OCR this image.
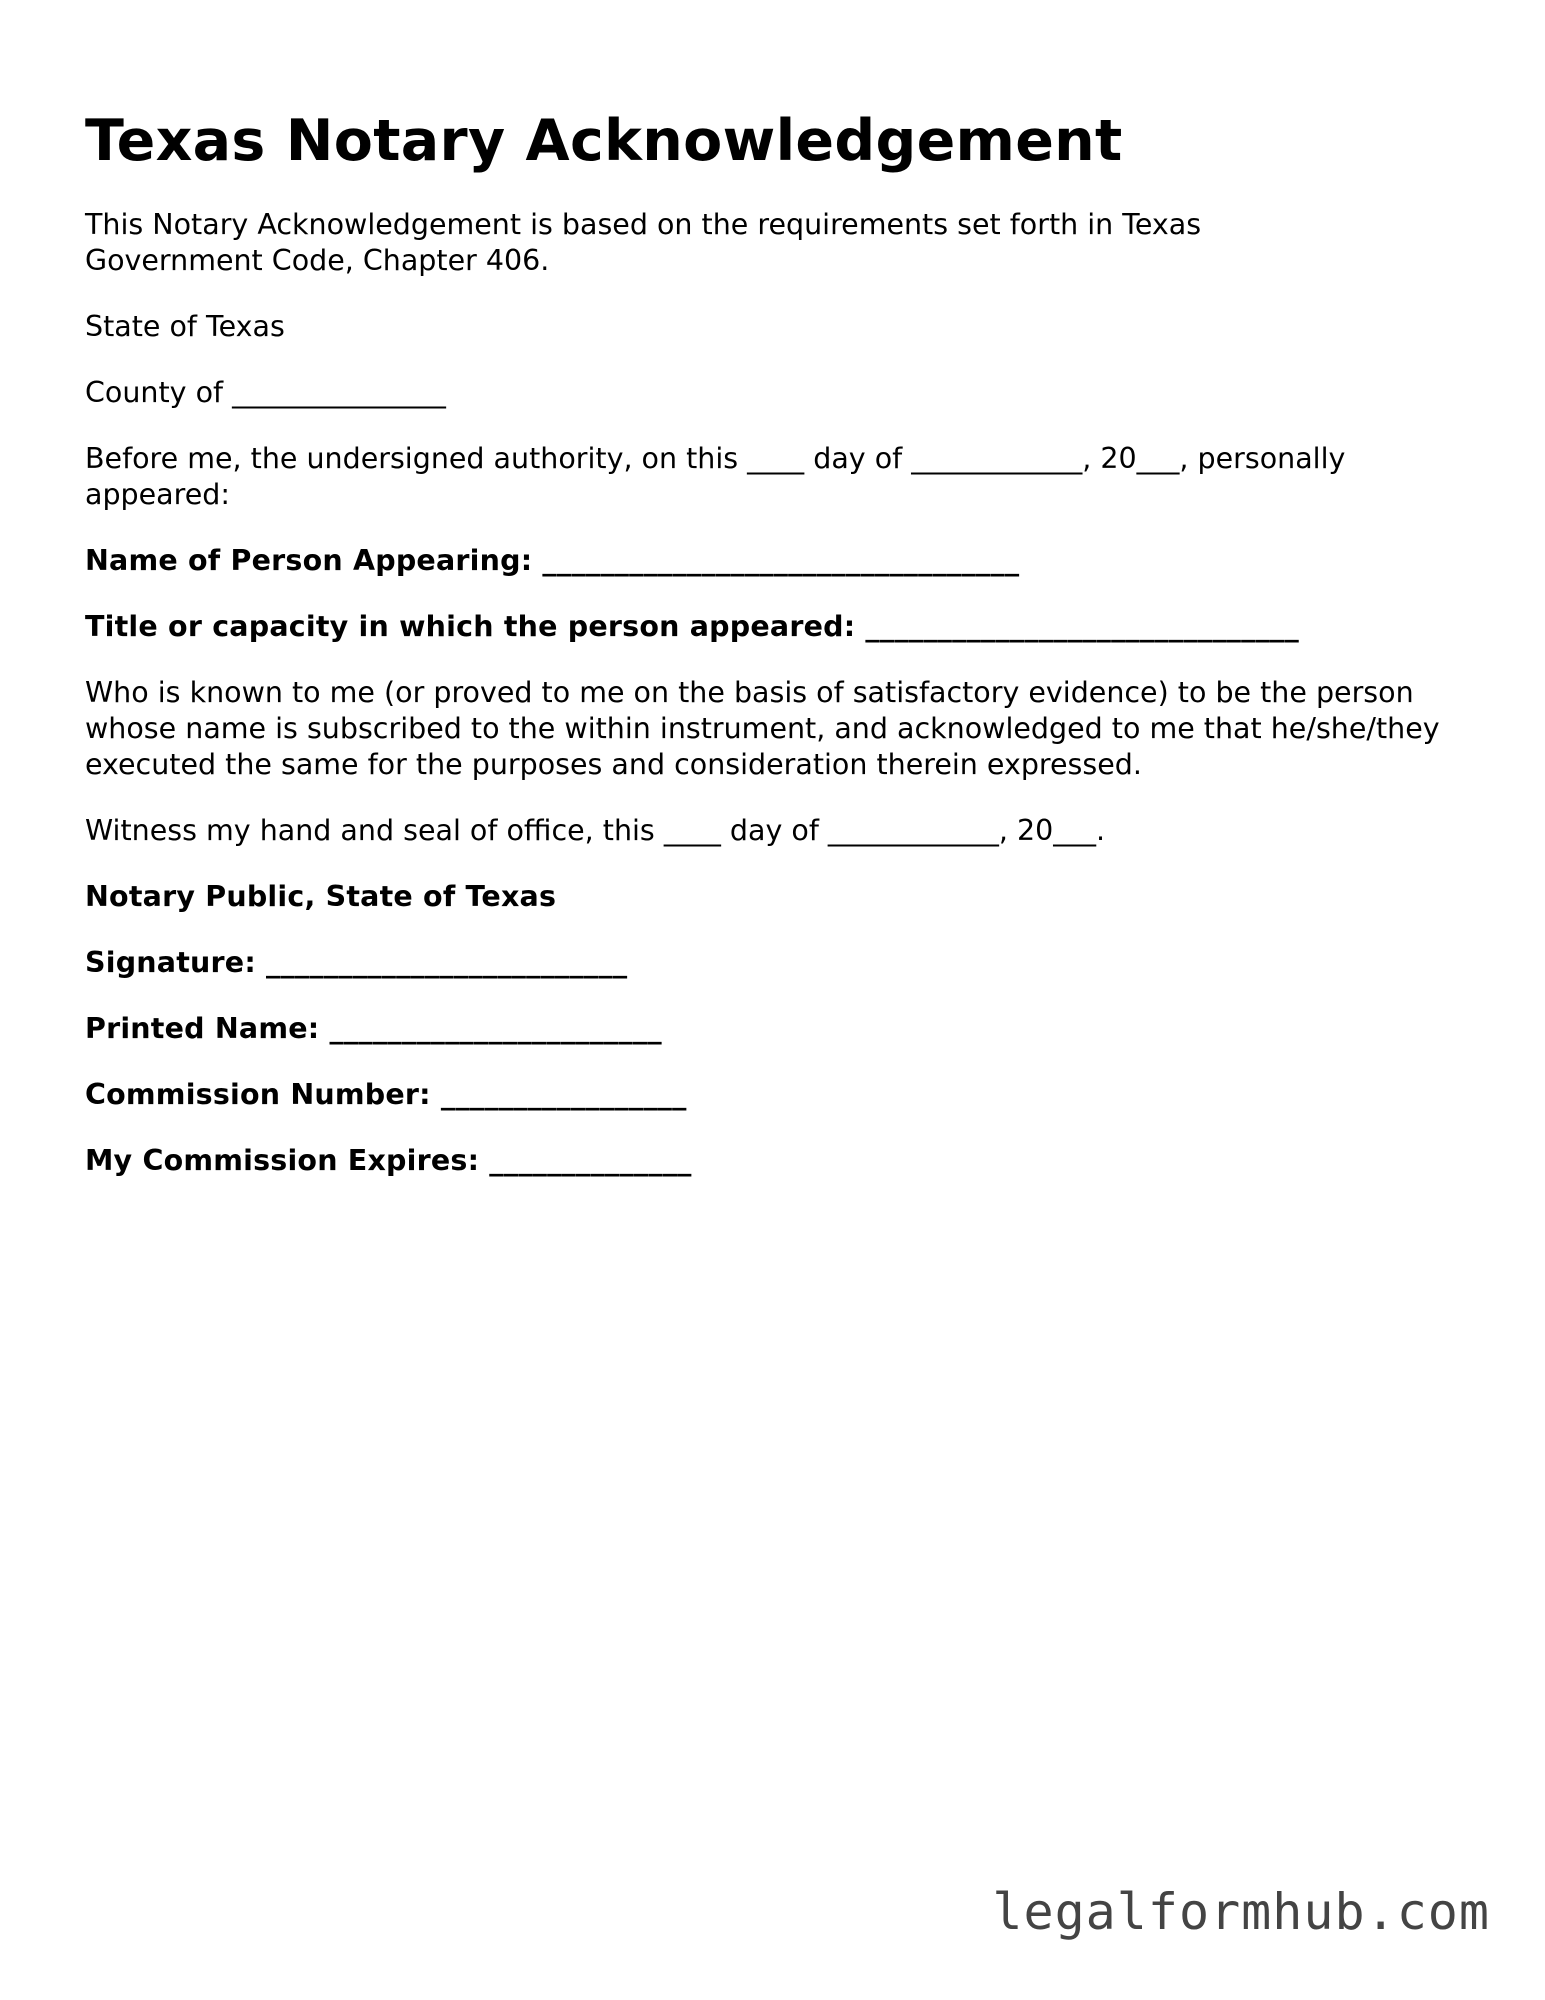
Texas Notary Acknowledgement

This Notary Acknowledgement is based on the requirements set forth in Texas Government Code, Chapter 406.

State of Texas

County of _______________

Before me, the undersigned authority, on this ____ day of ____________, 20___, personally appeared:

Name of Person Appearing: _________________________________

Title or capacity in which the person appeared: ______________________________

Who is known to me (or proved to me on the basis of satisfactory evidence) to be the person whose name is subscribed to the within instrument, and acknowledged to me that he/she/they executed the same for the purposes and consideration therein expressed.

Witness my hand and seal of office, this ____ day of ____________, 20___.

Notary Public, State of Texas

Signature: _________________________

Printed Name: _______________________

Commission Number: _________________

My Commission Expires: ______________

legalformhub.com
